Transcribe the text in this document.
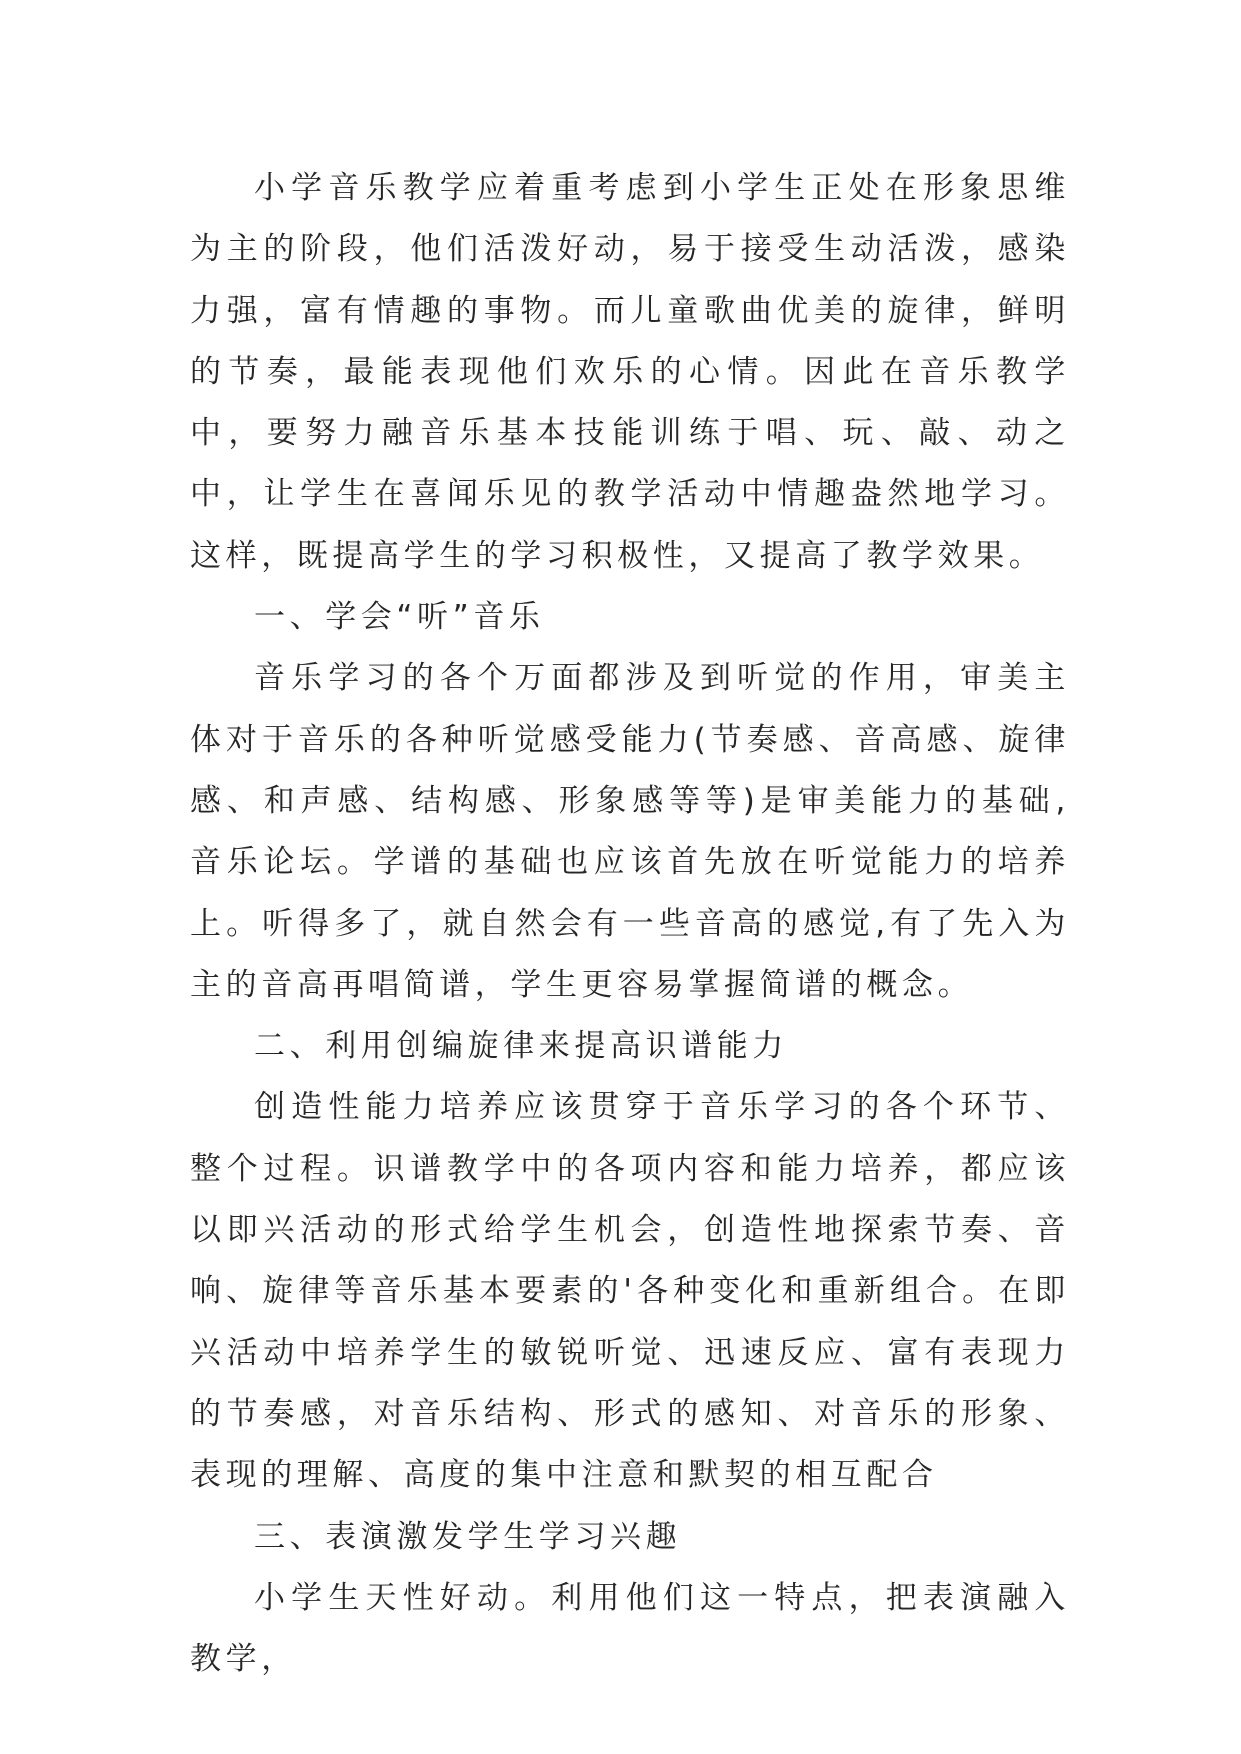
小学音乐教学应着重考虑到小学生正处在形象思维为主的阶段，他们活泼好动，易于接受生动活泼，感染力强，富有情趣的事物。而儿童歌曲优美的旋律，鲜明的节奏，最能表现他们欢乐的心情。因此在音乐教学中，要努力融音乐基本技能训练于唱、玩、敲、动之中，让学生在喜闻乐见的教学活动中情趣盎然地学习。这样，既提高学生的学习积极性，又提高了教学效果。

一、学会“听”音乐

音乐学习的各个万面都涉及到听觉的作用，审美主体对于音乐的各种听觉感受能力(节奏感、音高感、旋律感、和声感、结构感、形象感等等)是审美能力的基础,音乐论坛。学谱的基础也应该首先放在听觉能力的培养上。听得多了，就自然会有一些音高的感觉,有了先入为主的音高再唱简谱，学生更容易掌握简谱的概念。

二、利用创编旋律来提高识谱能力

创造性能力培养应该贯穿于音乐学习的各个环节、整个过程。识谱教学中的各项内容和能力培养，都应该以即兴活动的形式给学生机会，创造性地探索节奏、音响、旋律等音乐基本要素的'各种变化和重新组合。在即兴活动中培养学生的敏锐听觉、迅速反应、富有表现力的节奏感，对音乐结构、形式的感知、对音乐的形象、表现的理解、高度的集中注意和默契的相互配合

三、表演激发学生学习兴趣

小学生天性好动。利用他们这一特点，把表演融入教学，
